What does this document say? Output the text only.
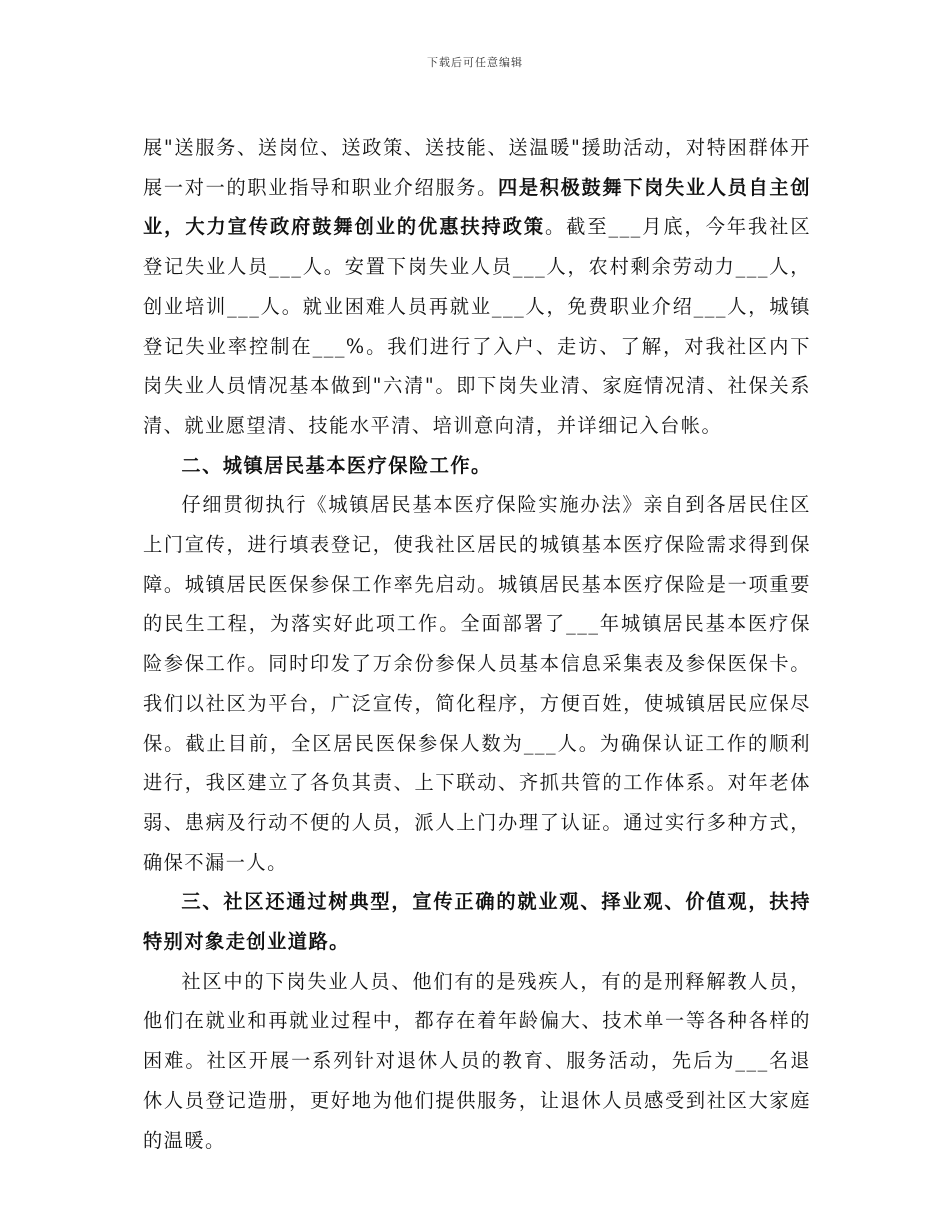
下载后可任意编辑

展"送服务、送岗位、送政策、送技能、送温暖"援助活动，对特困群体开展一对一的职业指导和职业介绍服务。四是积极鼓舞下岗失业人员自主创业，大力宣传政府鼓舞创业的优惠扶持政策。截至___月底，今年我社区登记失业人员___人。安置下岗失业人员___人，农村剩余劳动力___人，创业培训___人。就业困难人员再就业___人，免费职业介绍___人，城镇登记失业率控制在___%。我们进行了入户、走访、了解，对我社区内下岗失业人员情况基本做到"六清"。即下岗失业清、家庭情况清、社保关系清、就业愿望清、技能水平清、培训意向清，并详细记入台帐。

二、城镇居民基本医疗保险工作。

仔细贯彻执行《城镇居民基本医疗保险实施办法》亲自到各居民住区上门宣传，进行填表登记，使我社区居民的城镇基本医疗保险需求得到保障。城镇居民医保参保工作率先启动。城镇居民基本医疗保险是一项重要的民生工程，为落实好此项工作。全面部署了___年城镇居民基本医疗保险参保工作。同时印发了万余份参保人员基本信息采集表及参保医保卡。我们以社区为平台，广泛宣传，简化程序，方便百姓，使城镇居民应保尽保。截止目前，全区居民医保参保人数为___人。为确保认证工作的顺利进行，我区建立了各负其责、上下联动、齐抓共管的工作体系。对年老体弱、患病及行动不便的人员，派人上门办理了认证。通过实行多种方式，确保不漏一人。

三、社区还通过树典型，宣传正确的就业观、择业观、价值观，扶持特别对象走创业道路。

社区中的下岗失业人员、他们有的是残疾人，有的是刑释解教人员，他们在就业和再就业过程中，都存在着年龄偏大、技术单一等各种各样的困难。社区开展一系列针对退休人员的教育、服务活动，先后为___名退休人员登记造册，更好地为他们提供服务，让退休人员感受到社区大家庭的温暖。
